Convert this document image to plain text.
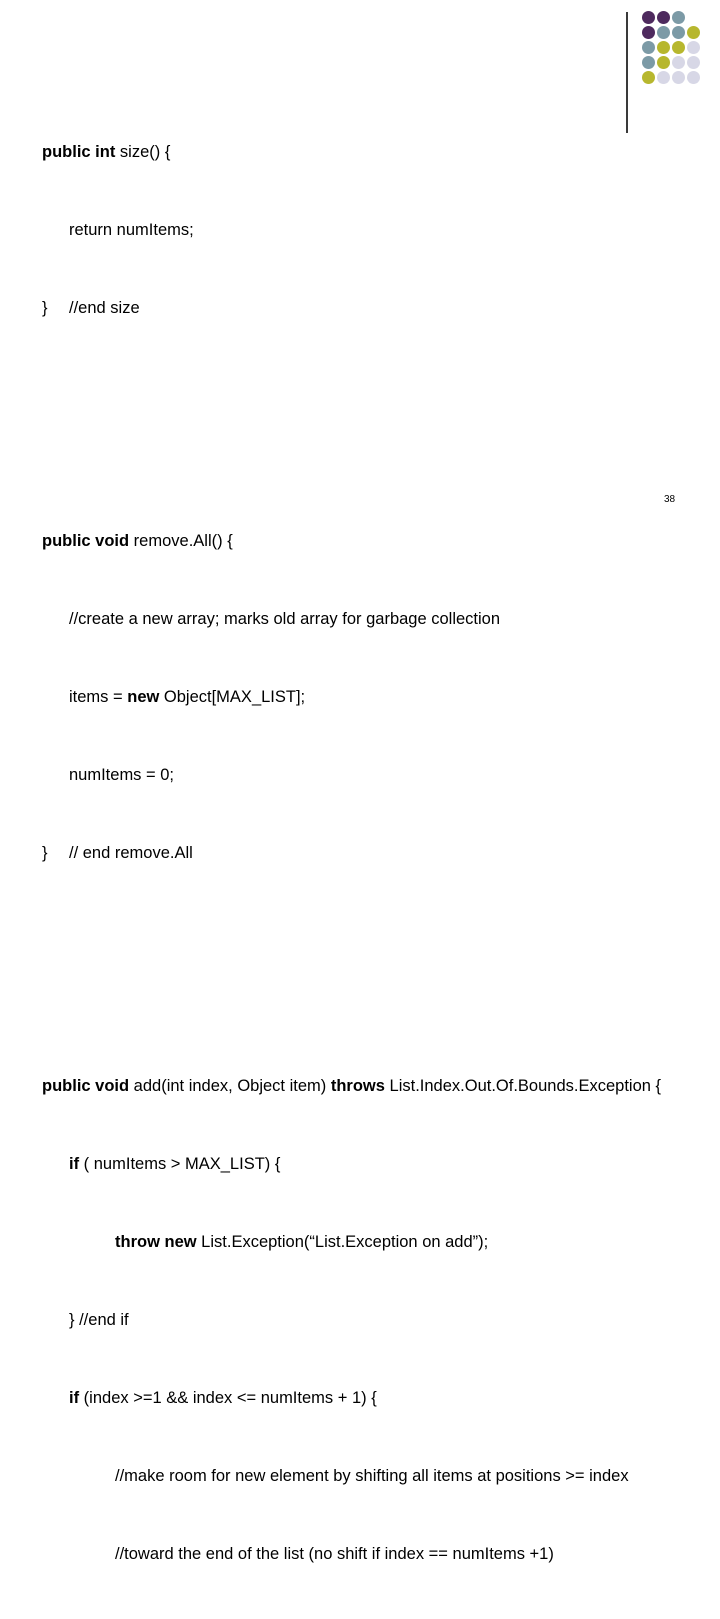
public int size() {

return numItems;

} //end size

public void remove.All() {

//create a new array; marks old array for garbage collection

items = new Object[MAX_LIST];

numItems = 0;

} // end remove.All

public void add(int index, Object item) throws List.Index.Out.Of.Bounds.Exception {

if ( numItems > MAX_LIST) {

throw new List.Exception(“List.Exception on add”);

} //end if

if (index >=1 && index <= numItems + 1) {

//make room for new element by shifting all items at positions >= index

//toward the end of the list (no shift if index == numItems +1)

38
